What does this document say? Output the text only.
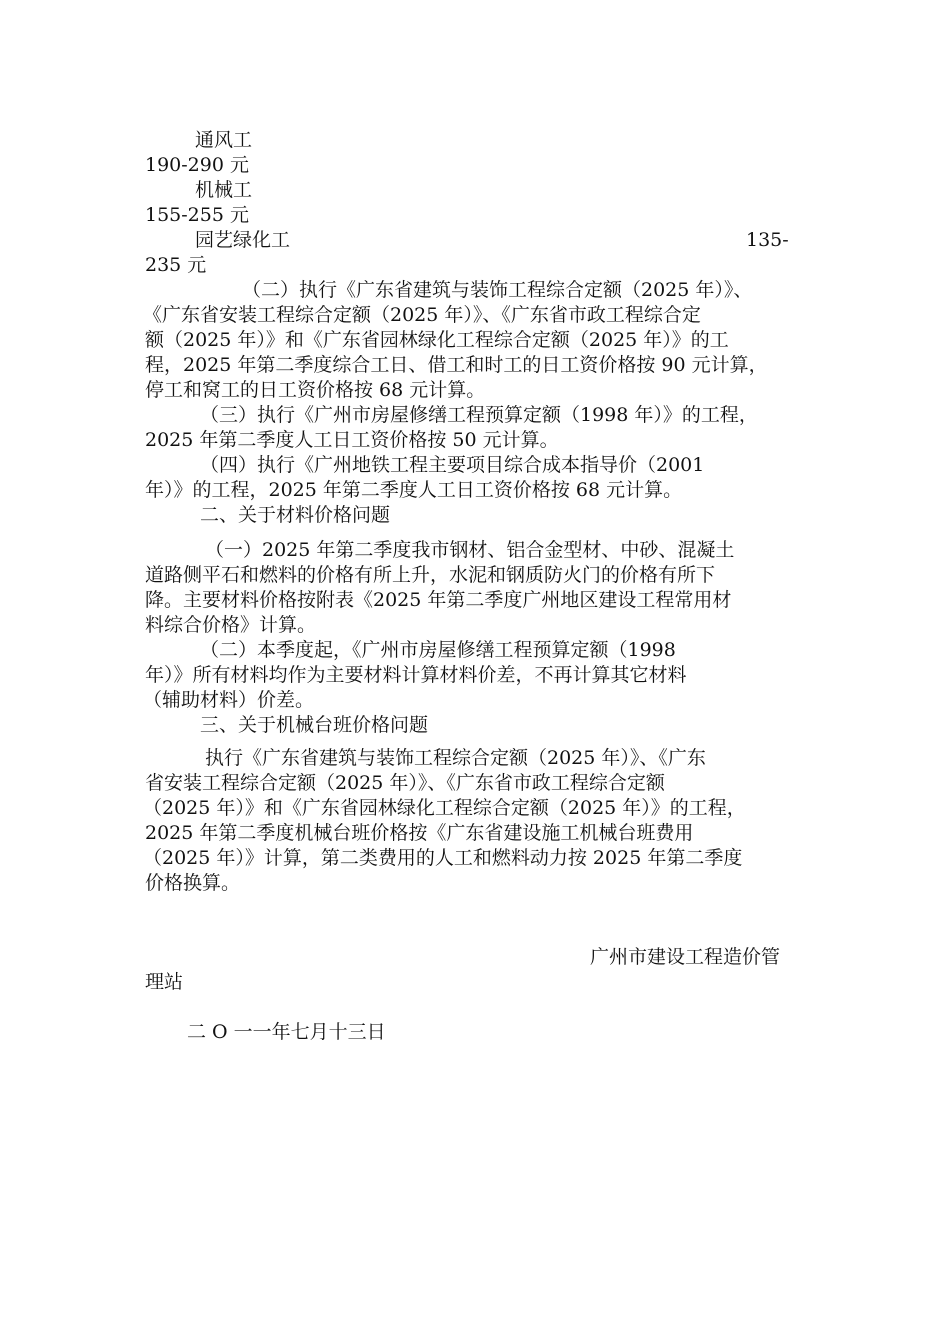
通风工
190-290 元
机械工
155-255 元
园艺绿化工	135-
235 元
（二）执行《广东省建筑与装饰工程综合定额（2025 年）》、
《广东省安装工程综合定额（2025 年）》、《广东省市政工程综合定
额（2025 年）》和《广东省园林绿化工程综合定额（2025 年）》的工
程，2025 年第二季度综合工日、借工和时工的日工资价格按 90 元计算，
停工和窝工的日工资价格按 68 元计算。
（三）执行《广州市房屋修缮工程预算定额（1998 年）》的工程，
2025 年第二季度人工日工资价格按 50 元计算。
（四）执行《广州地铁工程主要项目综合成本指导价（2001
年）》的工程，2025 年第二季度人工日工资价格按 68 元计算。
二、关于材料价格问题
（一）2025 年第二季度我市钢材、铝合金型材、中砂、混凝土
道路侧平石和燃料的价格有所上升，水泥和钢质防火门的价格有所下
降。主要材料价格按附表《2025 年第二季度广州地区建设工程常用材
料综合价格》计算。
（二）本季度起，《广州市房屋修缮工程预算定额（1998
年）》所有材料均作为主要材料计算材料价差，不再计算其它材料
（辅助材料）价差。
三、关于机械台班价格问题
执行《广东省建筑与装饰工程综合定额（2025 年）》、《广东
省安装工程综合定额（2025 年）》、《广东省市政工程综合定额
（2025 年）》和《广东省园林绿化工程综合定额（2025 年）》的工程，
2025 年第二季度机械台班价格按《广东省建设施工机械台班费用
（2025 年）》计算，第二类费用的人工和燃料动力按 2025 年第二季度
价格换算。
广州市建设工程造价管
理站
二 O 一一年七月十三日
